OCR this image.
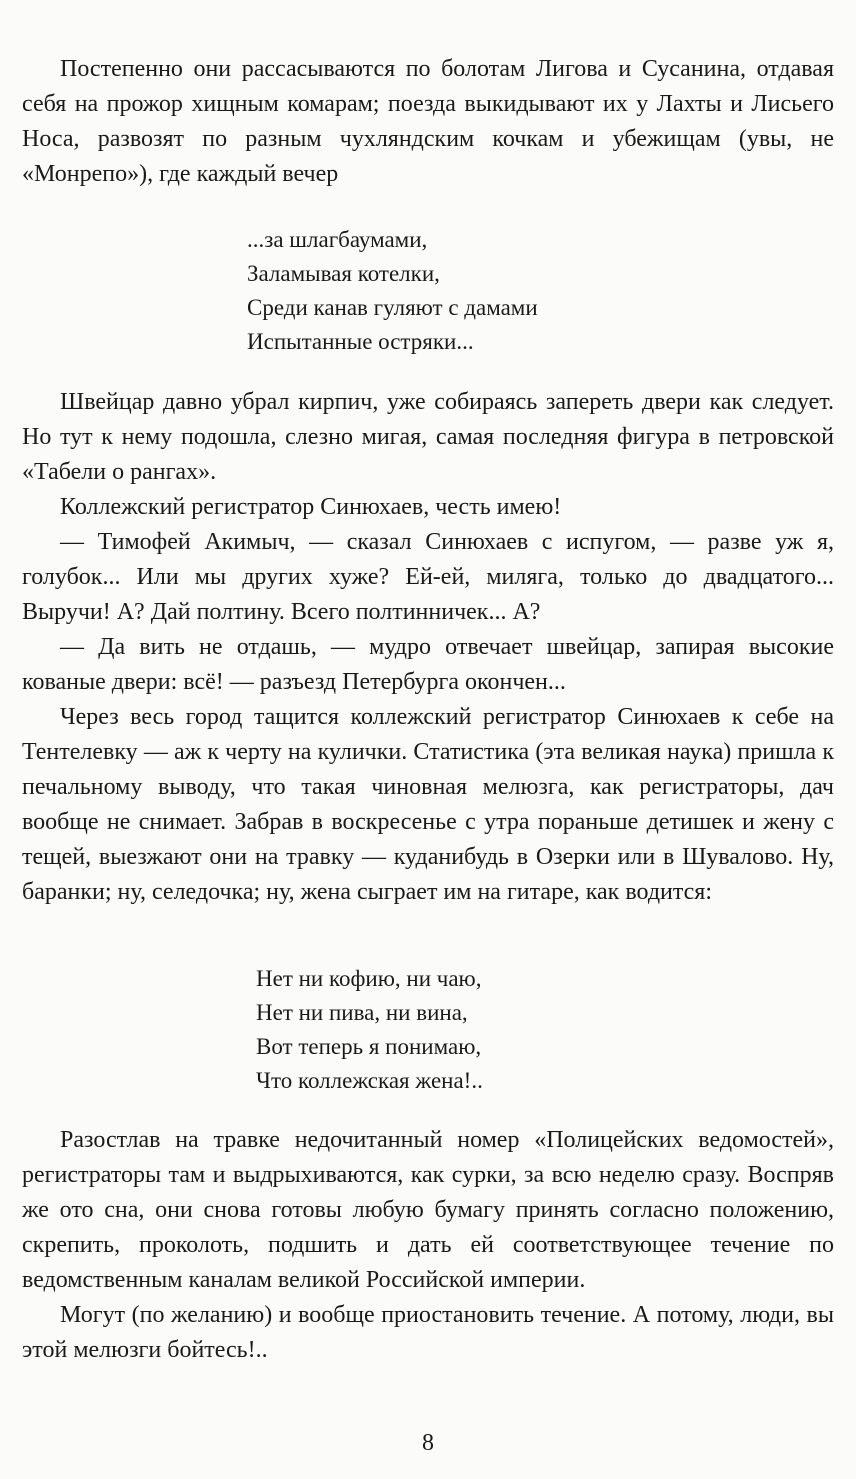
Постепенно они рассасываются по болотам Лигова и Сусанина, отдавая себя на прожор хищным комарам; поезда выкидывают их у Лахты и Лисьего Носа, развозят по разным чухляндским кочкам и убежищам (увы, не «Монрепо»), где каждый вечер

...за шлагбаумами,
Заламывая котелки,
Среди канав гуляют с дамами
Испытанные остряки...

Швейцар давно убрал кирпич, уже собираясь запереть двери как следует. Но тут к нему подошла, слезно мигая, самая последняя фигура в петровской «Табели о рангах».

Коллежский регистратор Синюхаев, честь имею!

— Тимофей Акимыч, — сказал Синюхаев с испугом, — разве уж я, голубок... Или мы других хуже? Ей-ей, миляга, только до двадцатого... Выручи! А? Дай полтину. Всего полтинничек... А?

— Да вить не отдашь, — мудро отвечает швейцар, запирая высокие кованые двери: всё! — разъезд Петербурга окончен...

Через весь город тащится коллежский регистратор Синюхаев к себе на Тентелевку — аж к черту на кулички. Статистика (эта великая наука) пришла к печальному выводу, что такая чиновная мелюзга, как регистраторы, дач вообще не снимает. Забрав в воскресенье с утра пораньше детишек и жену с тещей, выезжают они на травку — куданибудь в Озерки или в Шувалово. Ну, баранки; ну, селедочка; ну, жена сыграет им на гитаре, как водится:

Нет ни кофию, ни чаю,
Нет ни пива, ни вина,
Вот теперь я понимаю,
Что коллежская жена!..

Разостлав на травке недочитанный номер «Полицейских ведомостей», регистраторы там и выдрыхиваются, как сурки, за всю неделю сразу. Воспряв же ото сна, они снова готовы любую бумагу принять согласно положению, скрепить, проколоть, подшить и дать ей соответствующее течение по ведомственным каналам великой Российской империи.

Могут (по желанию) и вообще приостановить течение. А потому, люди, вы этой мелюзги бойтесь!..

8
